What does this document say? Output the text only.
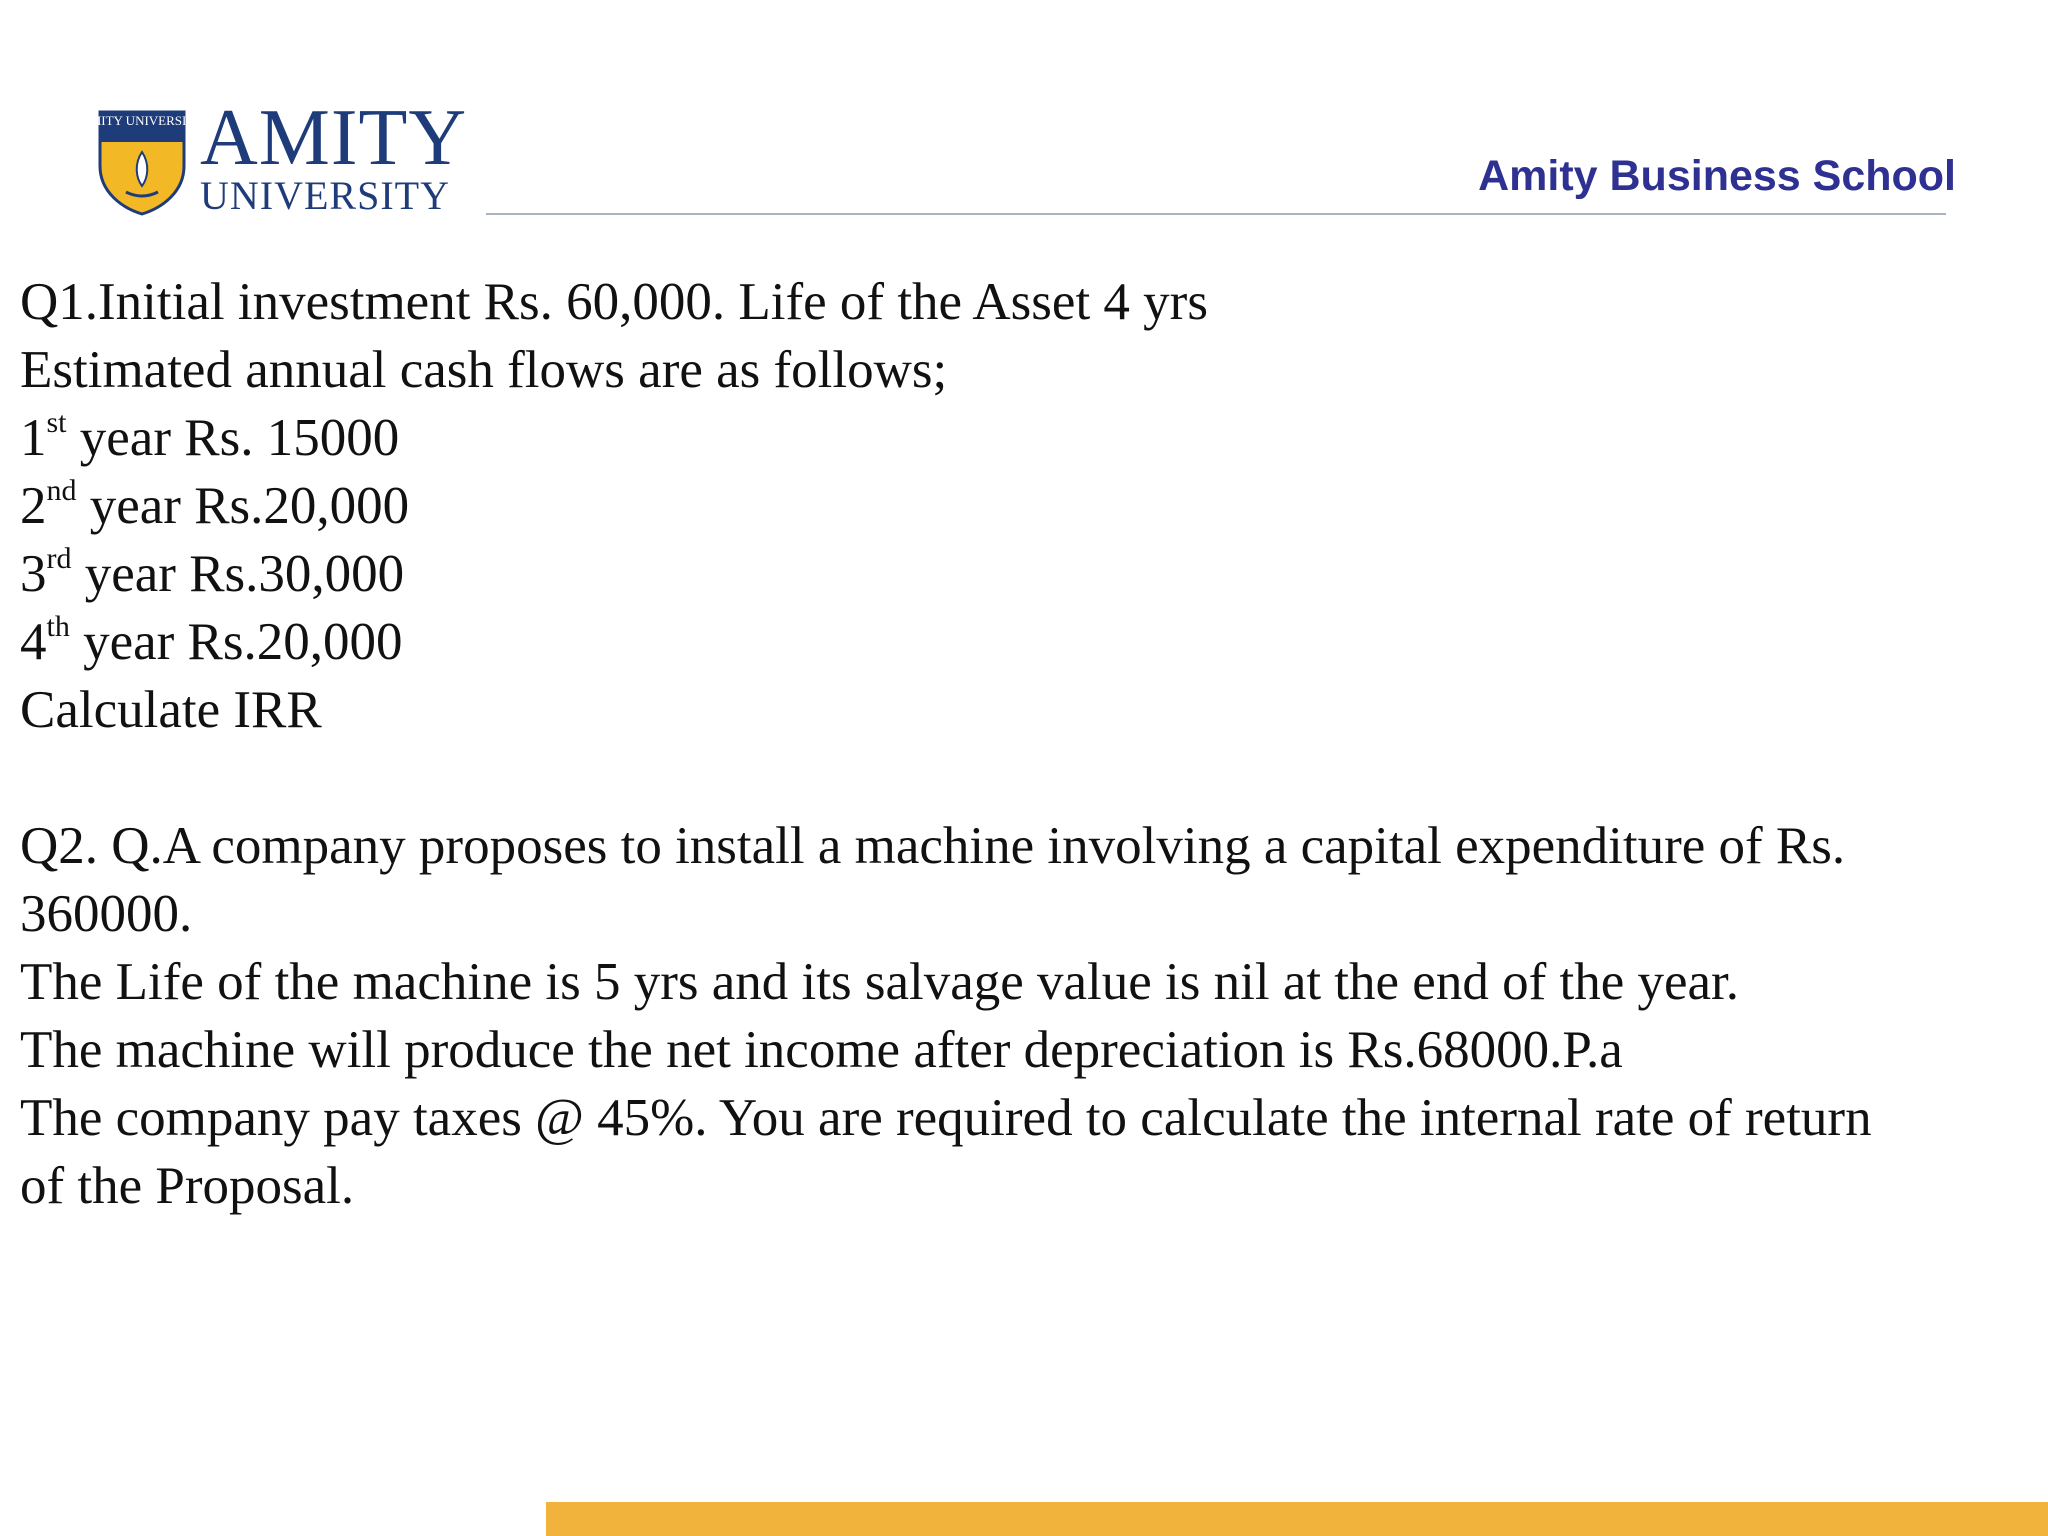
AMITY UNIVERSITY
AMITY
UNIVERSITY	Amity Business School
Q1.Initial investment Rs. 60,000. Life of the Asset 4 yrs
Estimated annual cash flows are as follows;
1st year Rs. 15000
2nd year Rs.20,000
3rd year Rs.30,000
4th year Rs.20,000
Calculate IRR
Q2. Q.A company proposes to install a machine involving a capital expenditure of Rs.
360000.
The Life of the machine is 5 yrs and its salvage value is nil at the end of the year.
The machine will produce the net income after depreciation is Rs.68000.P.a
The company pay taxes @ 45%. You are required to calculate the internal rate of return
of the Proposal.
